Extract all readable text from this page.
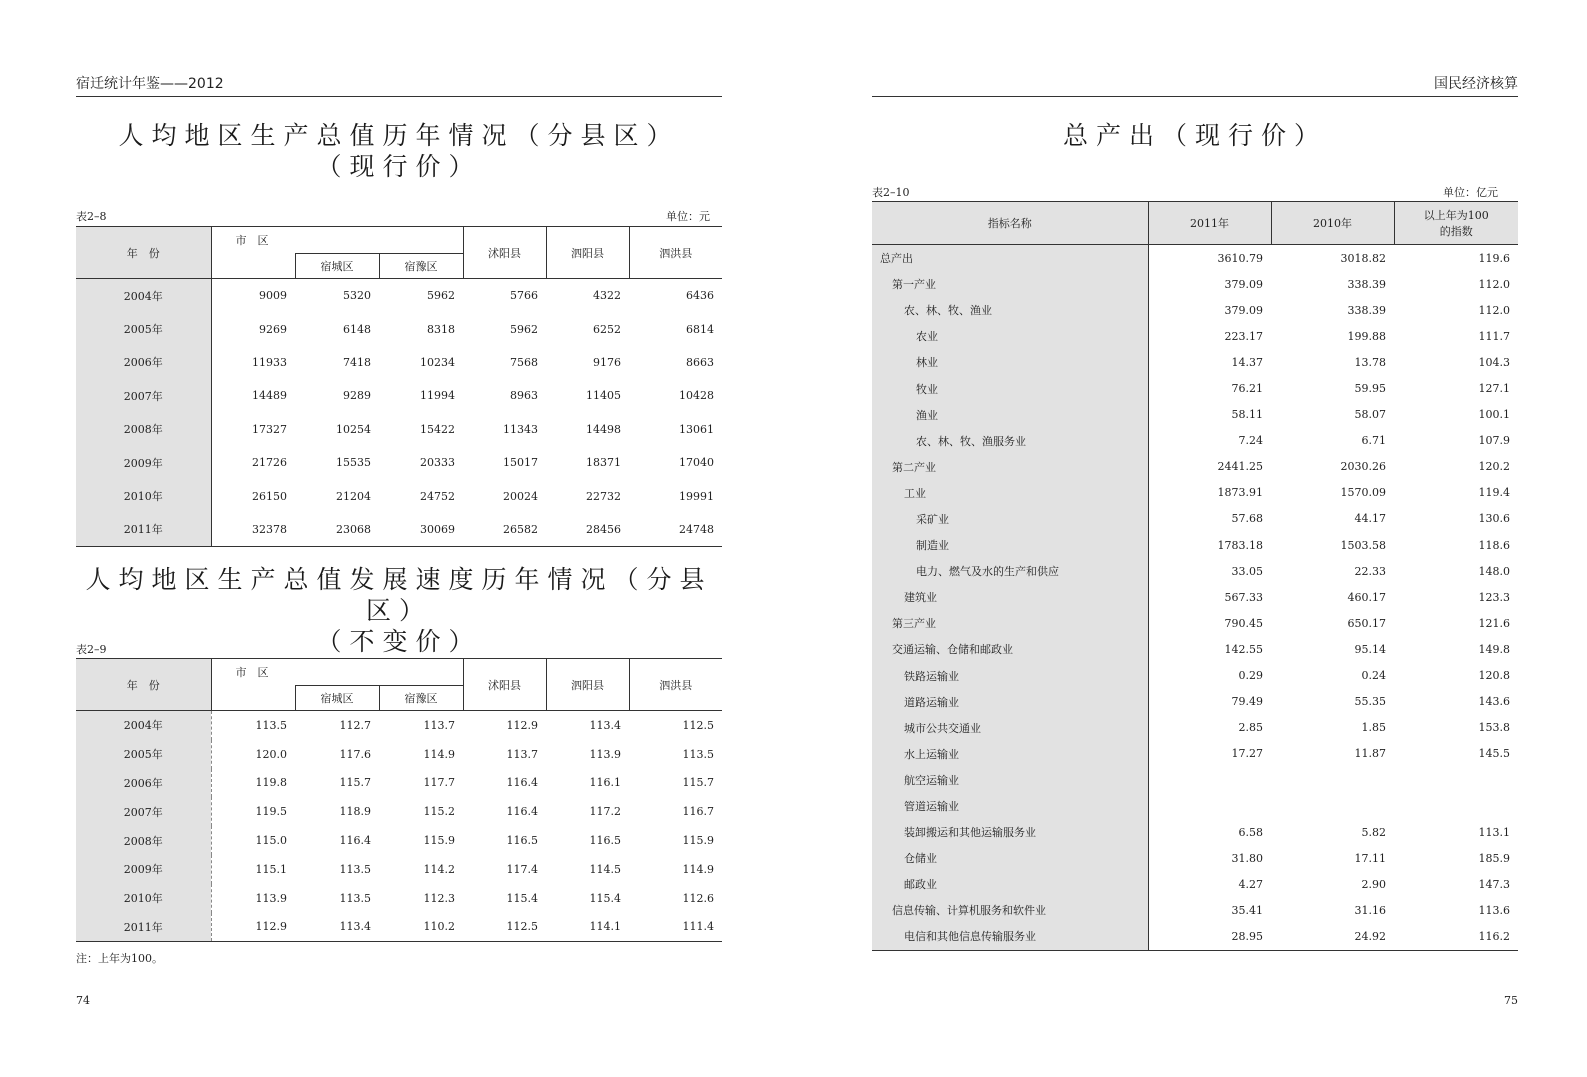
宿迁统计年鉴——2012
人均地区生产总值历年情况（分县区）
（现行价）
表2–8	单位：元
年　份	市　区			沭阳县	泗阳县	泗洪县
		宿城区	宿豫区			
2004年	9009	5320	5962	5766	4322	6436
2005年	9269	6148	8318	5962	6252	6814
2006年	11933	7418	10234	7568	9176	8663
2007年	14489	9289	11994	8963	11405	10428
2008年	17327	10254	15422	11343	14498	13061
2009年	21726	15535	20333	15017	18371	17040
2010年	26150	21204	24752	20024	22732	19991
2011年	32378	23068	30069	26582	28456	24748
人均地区生产总值发展速度历年情况（分县区）
（不变价）
表2–9
年　份	市　区			沭阳县	泗阳县	泗洪县
		宿城区	宿豫区			
2004年	113.5	112.7	113.7	112.9	113.4	112.5
2005年	120.0	117.6	114.9	113.7	113.9	113.5
2006年	119.8	115.7	117.7	116.4	116.1	115.7
2007年	119.5	118.9	115.2	116.4	117.2	116.7
2008年	115.0	116.4	115.9	116.5	116.5	115.9
2009年	115.1	113.5	114.2	117.4	114.5	114.9
2010年	113.9	113.5	112.3	115.4	115.4	112.6
2011年	112.9	113.4	110.2	112.5	114.1	111.4
注：上年为100。
74
国民经济核算
总产出（现行价）
表2–10	单位：亿元
指标名称	2011年	2010年	以上年为100
的指数

总产出	3610.79	3018.82	119.6
第一产业	379.09	338.39	112.0
农、林、牧、渔业	379.09	338.39	112.0
农业	223.17	199.88	111.7
林业	14.37	13.78	104.3
牧业	76.21	59.95	127.1
渔业	58.11	58.07	100.1
农、林、牧、渔服务业	7.24	6.71	107.9
第二产业	2441.25	2030.26	120.2
工业	1873.91	1570.09	119.4
采矿业	57.68	44.17	130.6
制造业	1783.18	1503.58	118.6
电力、燃气及水的生产和供应	33.05	22.33	148.0
建筑业	567.33	460.17	123.3
第三产业	790.45	650.17	121.6
交通运输、仓储和邮政业	142.55	95.14	149.8
铁路运输业	0.29	0.24	120.8
道路运输业	79.49	55.35	143.6
城市公共交通业	2.85	1.85	153.8
水上运输业	17.27	11.87	145.5
航空运输业			
管道运输业			
装卸搬运和其他运输服务业	6.58	5.82	113.1
仓储业	31.80	17.11	185.9
邮政业	4.27	2.90	147.3
信息传输、计算机服务和软件业	35.41	31.16	113.6
电信和其他信息传输服务业	28.95	24.92	116.2
75
